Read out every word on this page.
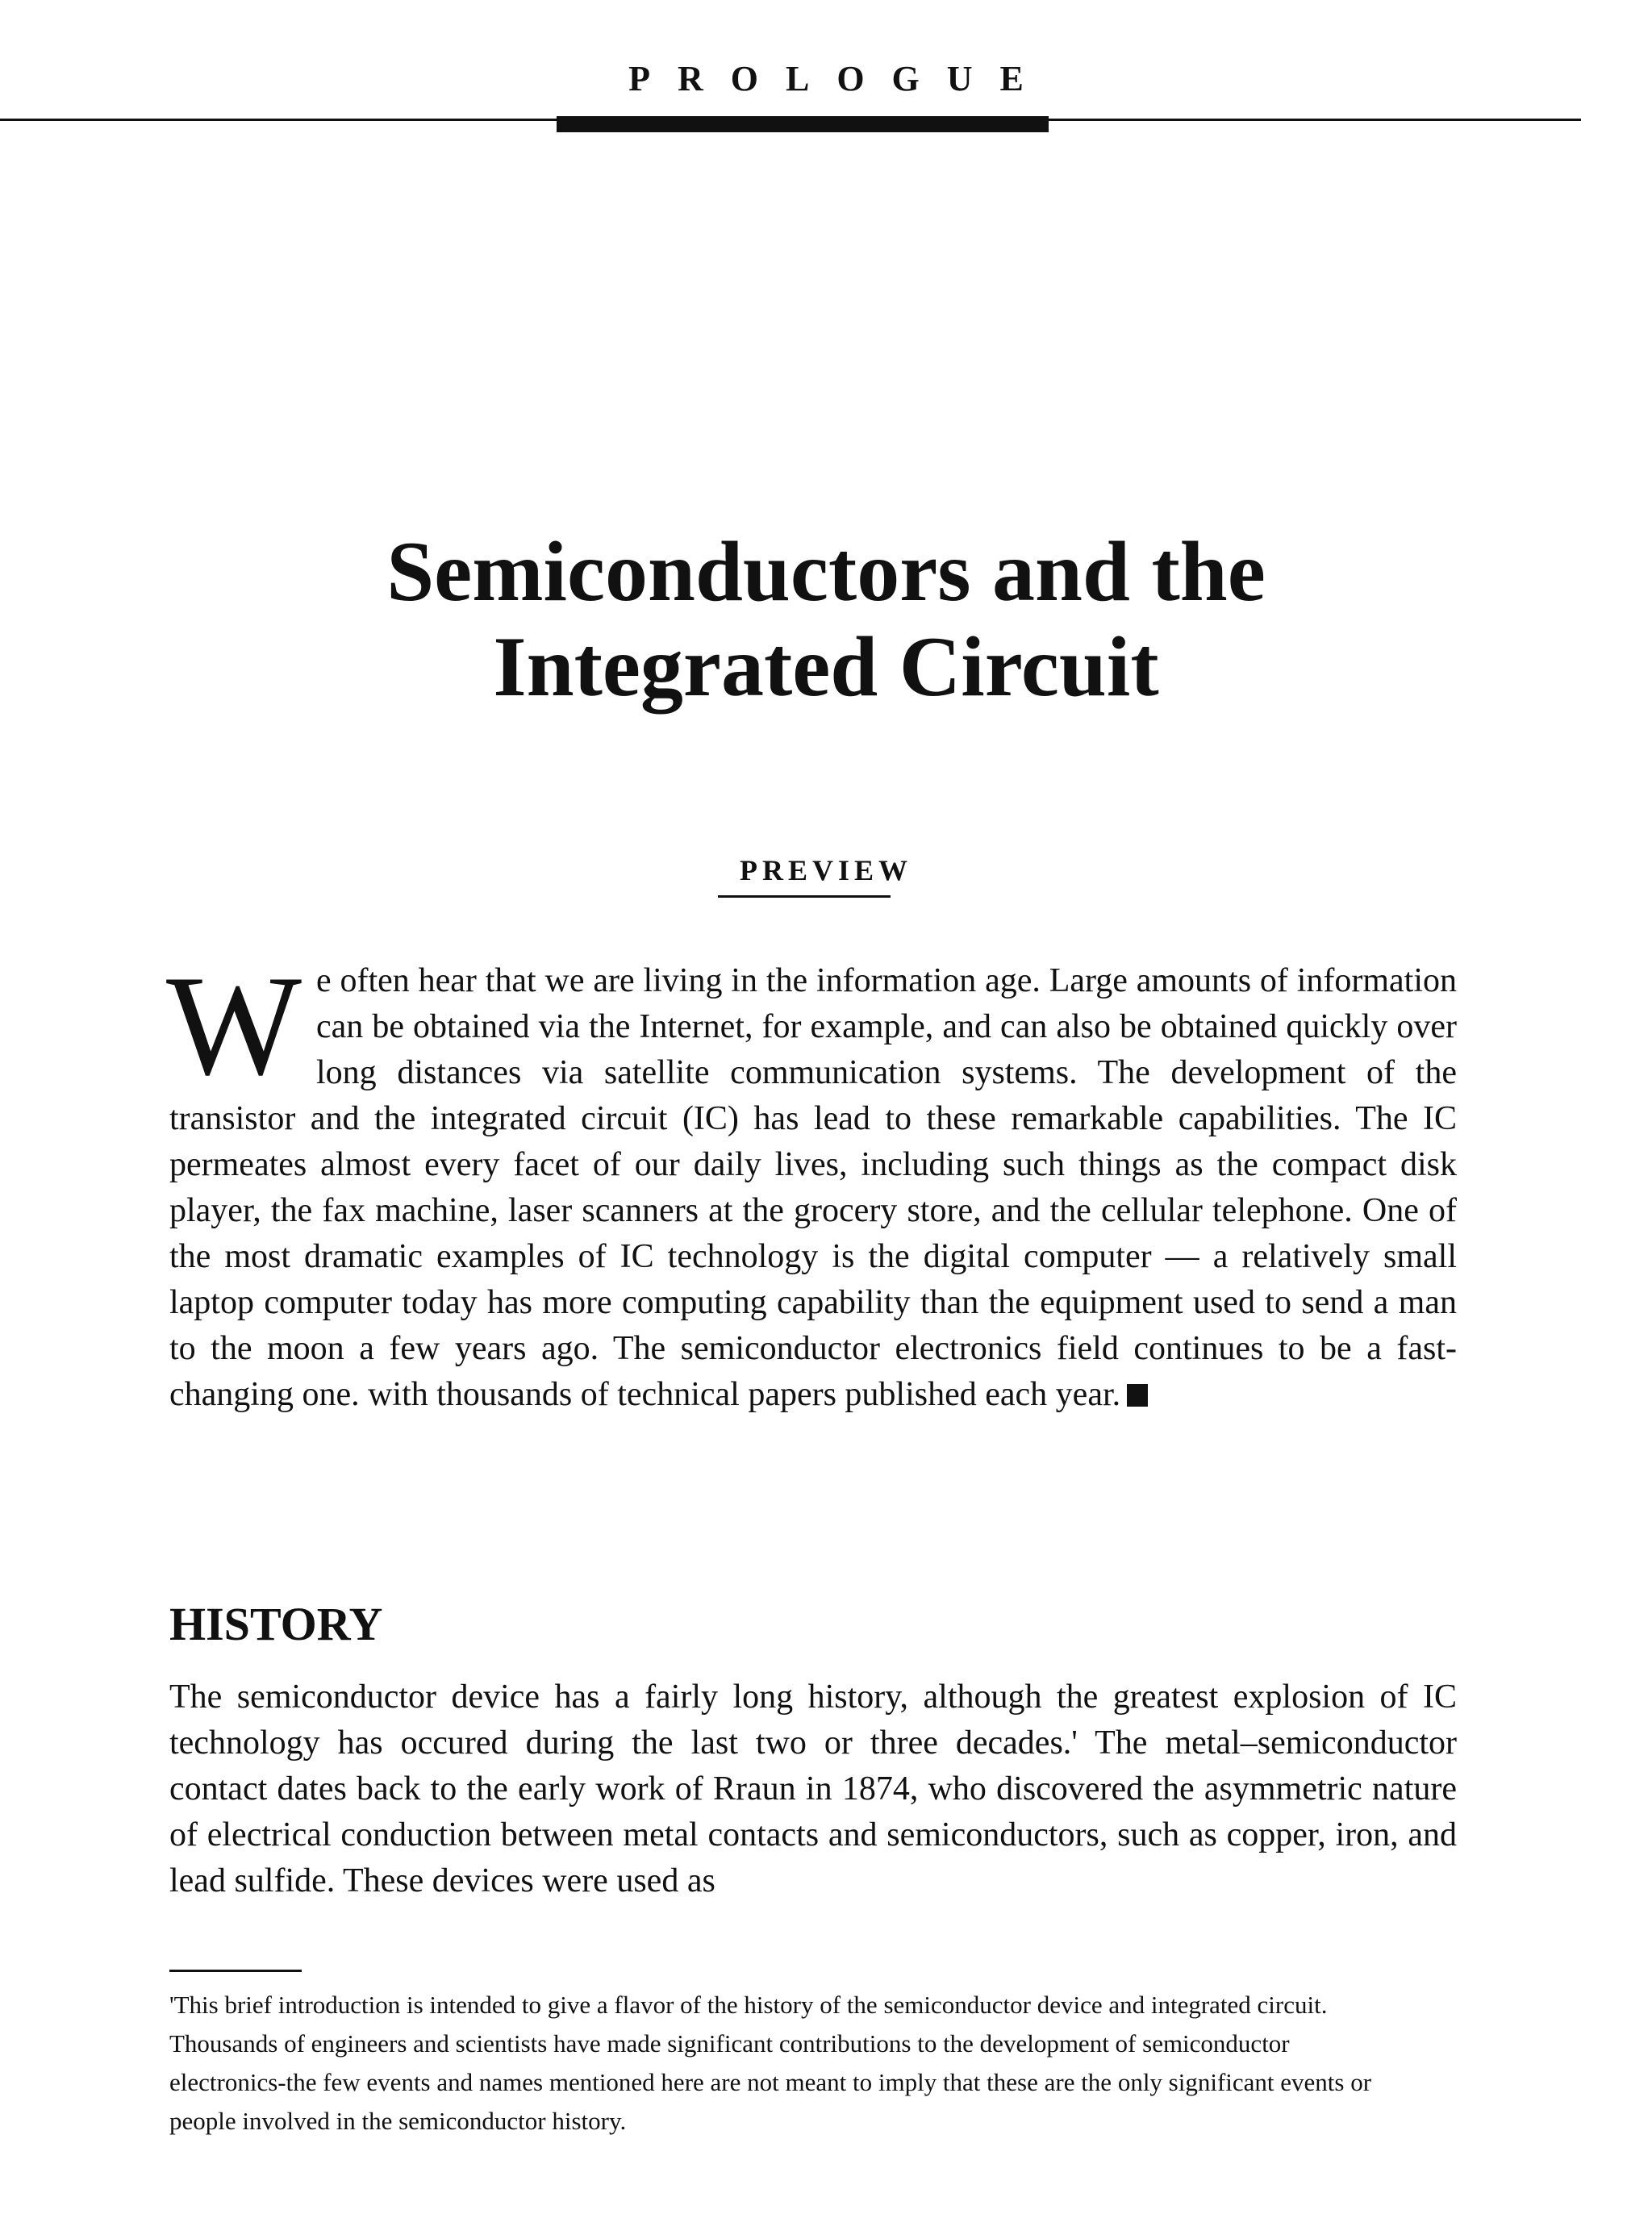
PROLOGUE
Semiconductors and the
Integrated Circuit
PREVIEW

We often hear that we are living in the information age. Large amounts of information can be obtained via the Internet, for example, and can also be obtained quickly over long distances via satellite communication systems. The development of the transistor and the integrated circuit (IC) has lead to these remarkable capabilities. The IC permeates almost every facet of our daily lives, including such things as the compact disk player, the fax machine, laser scanners at the grocery store, and the cellular telephone. One of the most dramatic examples of IC technology is the digital computer — a relatively small laptop computer today has more computing capability than the equipment used to send a man to the moon a few years ago. The semiconductor electronics field continues to be a fast-changing one. with thousands of technical papers published each year.

HISTORY

The semiconductor device has a fairly long history, although the greatest explosion of IC technology has occured during the last two or three decades.' The metal–semiconductor contact dates back to the early work of Rraun in 1874, who discovered the asymmetric nature of electrical conduction between metal contacts and semiconductors, such as copper, iron, and lead sulfide. These devices were used as

'This brief introduction is intended to give a flavor of the history of the semiconductor device and integrated circuit. Thousands of engineers and scientists have made significant contributions to the development of semiconductor electronics-the few events and names mentioned here are not meant to imply that these are the only significant events or people involved in the semiconductor history.
